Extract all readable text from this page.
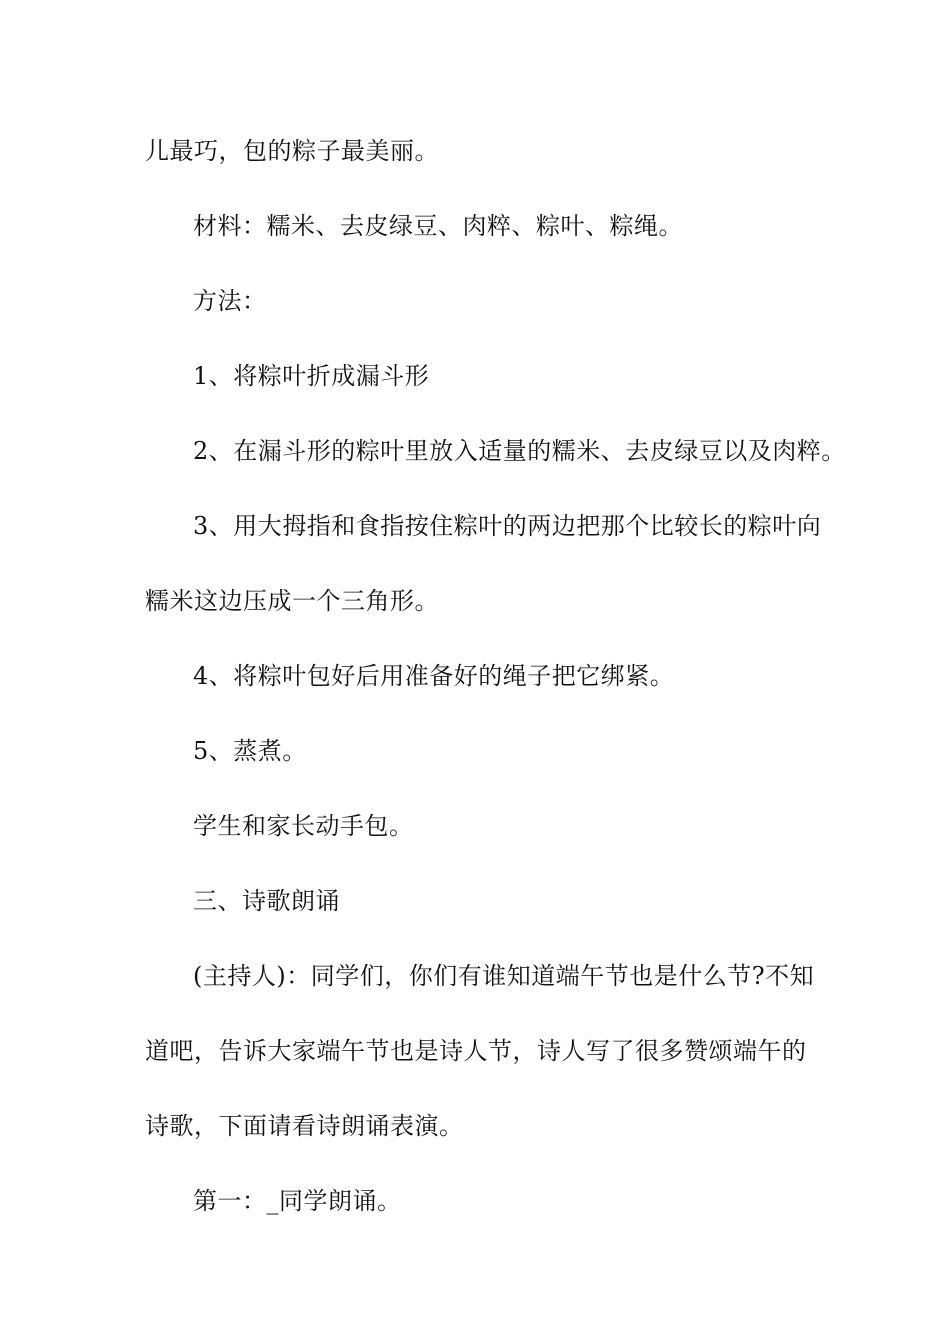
儿最巧，包的粽子最美丽。
材料：糯米、去皮绿豆、肉粹、粽叶、粽绳。
方法：
1、将粽叶折成漏斗形
2、在漏斗形的粽叶里放入适量的糯米、去皮绿豆以及肉粹。
3、用大拇指和食指按住粽叶的两边把那个比较长的粽叶向
糯米这边压成一个三角形。
4、将粽叶包好后用准备好的绳子把它绑紧。
5、蒸煮。
学生和家长动手包。
三、诗歌朗诵
(主持人)：同学们，你们有谁知道端午节也是什么节?不知
道吧，告诉大家端午节也是诗人节，诗人写了很多赞颂端午的
诗歌，下面请看诗朗诵表演。
第一：_同学朗诵。
